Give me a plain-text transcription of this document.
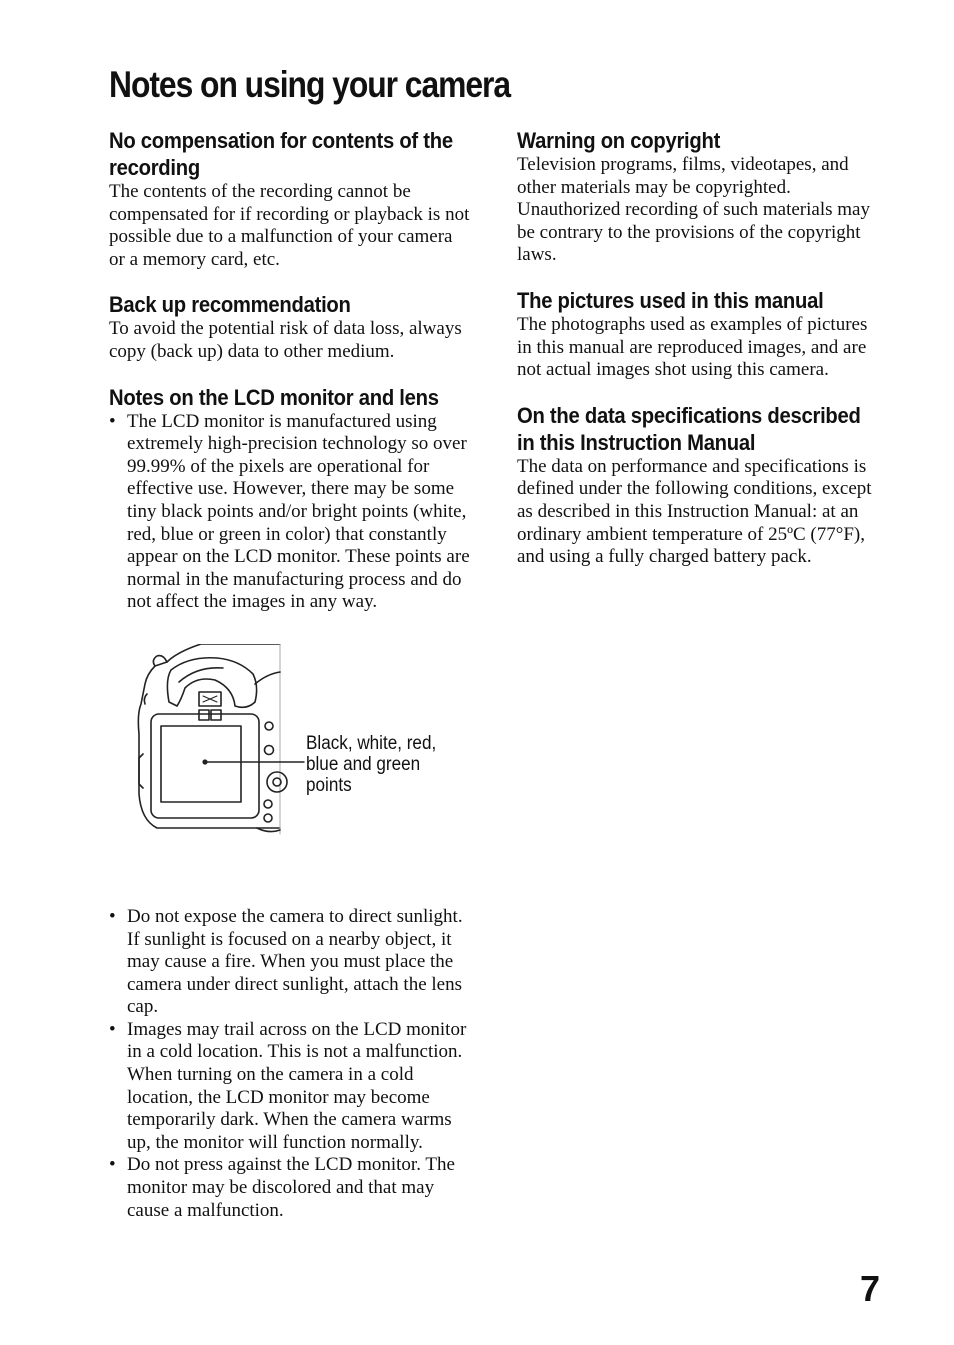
Notes on using your camera
No compensation for contents of the recording

The contents of the recording cannot be compensated for if recording or playback is not possible due to a malfunction of your camera or a memory card, etc.

Back up recommendation

To avoid the potential risk of data loss, always copy (back up) data to other medium.

Notes on the LCD monitor and lens
• The LCD monitor is manufactured using extremely high-precision technology so over 99.99% of the pixels are operational for effective use. However, there may be some tiny black points and/or bright points (white, red, blue or green in color) that constantly appear on the LCD monitor. These points are normal in the manufacturing process and do not affect the images in any way.
Black, white, red, blue and green points
• Do not expose the camera to direct sunlight. If sunlight is focused on a nearby object, it may cause a fire. When you must place the camera under direct sunlight, attach the lens cap.
• Images may trail across on the LCD monitor in a cold location. This is not a malfunction. When turning on the camera in a cold location, the LCD monitor may become temporarily dark. When the camera warms up, the monitor will function normally.
• Do not press against the LCD monitor. The monitor may be discolored and that may cause a malfunction.
Warning on copyright

Television programs, films, videotapes, and other materials may be copyrighted. Unauthorized recording of such materials may be contrary to the provisions of the copyright laws.

The pictures used in this manual

The photographs used as examples of pictures in this manual are reproduced images, and are not actual images shot using this camera.

On the data specifications described in this Instruction Manual

The data on performance and specifications is defined under the following conditions, except as described in this Instruction Manual: at an ordinary ambient temperature of 25ºC (77°F), and using a fully charged battery pack.

7
